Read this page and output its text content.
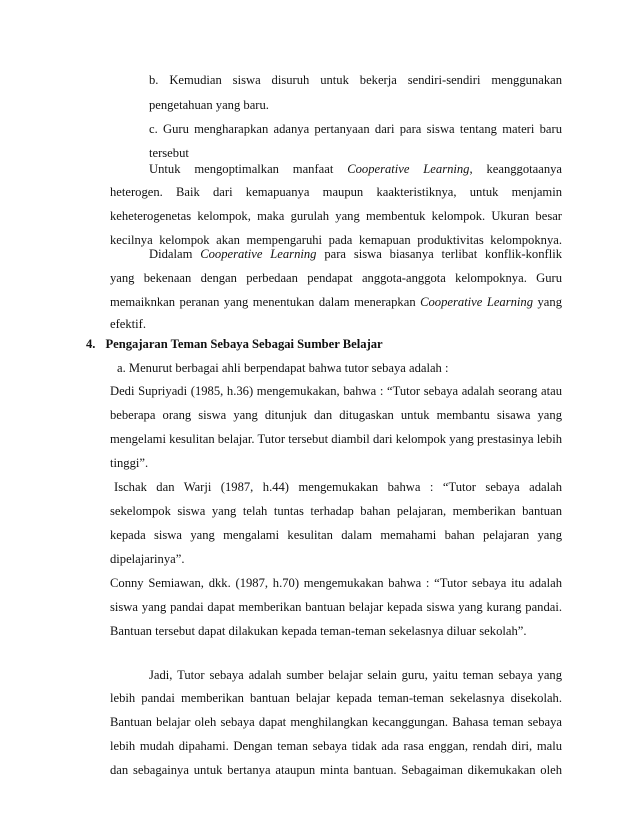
b. Kemudian siswa disuruh untuk bekerja sendiri-sendiri menggunakan
pengetahuan yang baru.
c. Guru mengharapkan adanya pertanyaan dari para siswa tentang materi baru
tersebut
Untuk mengoptimalkan manfaat Cooperative Learning, keanggotaanya
heterogen. Baik dari kemapuanya maupun kaakteristiknya, untuk menjamin
keheterogenetas kelompok, maka gurulah yang membentuk kelompok. Ukuran besar
kecilnya kelompok akan mempengaruhi pada kemapuan produktivitas kelompoknya.
Didalam Cooperative Learning para siswa biasanya terlibat konflik-konflik
yang bekenaan dengan perbedaan pendapat anggota-anggota kelompoknya. Guru
memaiknkan peranan yang menentukan dalam menerapkan Cooperative Learning yang
efektif.
4. Pengajaran Teman Sebaya Sebagai Sumber Belajar
a. Menurut berbagai ahli berpendapat bahwa tutor sebaya adalah :
Dedi Supriyadi (1985, h.36) mengemukakan, bahwa : “Tutor sebaya adalah seorang atau
beberapa orang siswa yang ditunjuk dan ditugaskan untuk membantu sisawa yang
mengelami kesulitan belajar. Tutor tersebut diambil dari kelompok yang prestasinya lebih
tinggi”.
Ischak dan Warji (1987, h.44) mengemukakan bahwa : “Tutor sebaya adalah
sekelompok siswa yang telah tuntas terhadap bahan pelajaran, memberikan bantuan
kepada siswa yang mengalami kesulitan dalam memahami bahan pelajaran yang
dipelajarinya”.
Conny Semiawan, dkk. (1987, h.70) mengemukakan bahwa : “Tutor sebaya itu adalah
siswa yang pandai dapat memberikan bantuan belajar kepada siswa yang kurang pandai.
Bantuan tersebut dapat dilakukan kepada teman-teman sekelasnya diluar sekolah”.
Jadi, Tutor sebaya adalah sumber belajar selain guru, yaitu teman sebaya yang
lebih pandai memberikan bantuan belajar kepada teman-teman sekelasnya disekolah.
Bantuan belajar oleh sebaya dapat menghilangkan kecanggungan. Bahasa teman sebaya
lebih mudah dipahami. Dengan teman sebaya tidak ada rasa enggan, rendah diri, malu
dan sebagainya untuk bertanya ataupun minta bantuan. Sebagaiman dikemukakan oleh
